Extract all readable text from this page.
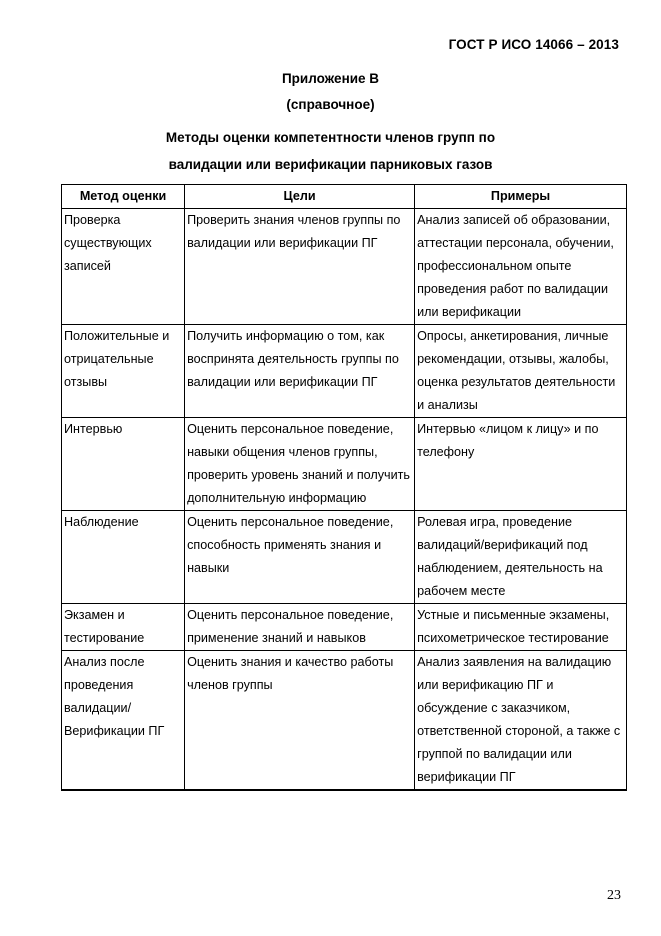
ГОСТ Р ИСО 14066 – 2013
Приложение В
(справочное)
Методы оценки компетентности членов групп по
валидации или верификации парниковых газов
Метод оценки	Цели	Примеры
Проверка существующих записей	Проверить знания членов группы по валидации или верификации ПГ	Анализ записей об образовании, аттестации персонала, обучении, профессиональном опыте проведения работ по валидации или верификации
Положительные и отрицательные отзывы	Получить информацию о том, как воспринята деятельность группы по валидации или верификации ПГ	Опросы, анкетирования, личные рекомендации, отзывы, жалобы, оценка результатов деятельности и анализы
Интервью	Оценить персональное поведение, навыки общения членов группы, проверить уровень знаний и получить дополнительную информацию	Интервью «лицом к лицу» и по телефону
Наблюдение	Оценить персональное поведение, способность применять знания и навыки	Ролевая игра, проведение валидаций/верификаций под наблюдением, деятельность на рабочем месте
Экзамен и тестирование	Оценить персональное поведение, применение знаний и навыков	Устные и письменные экзамены, психометрическое тестирование
Анализ после проведения валидации/ Верификации ПГ	Оценить знания и качество работы членов группы	Анализ заявления на валидацию или верификацию ПГ и обсуждение с заказчиком, ответственной стороной, а также с группой по валидации или верификации ПГ
23
